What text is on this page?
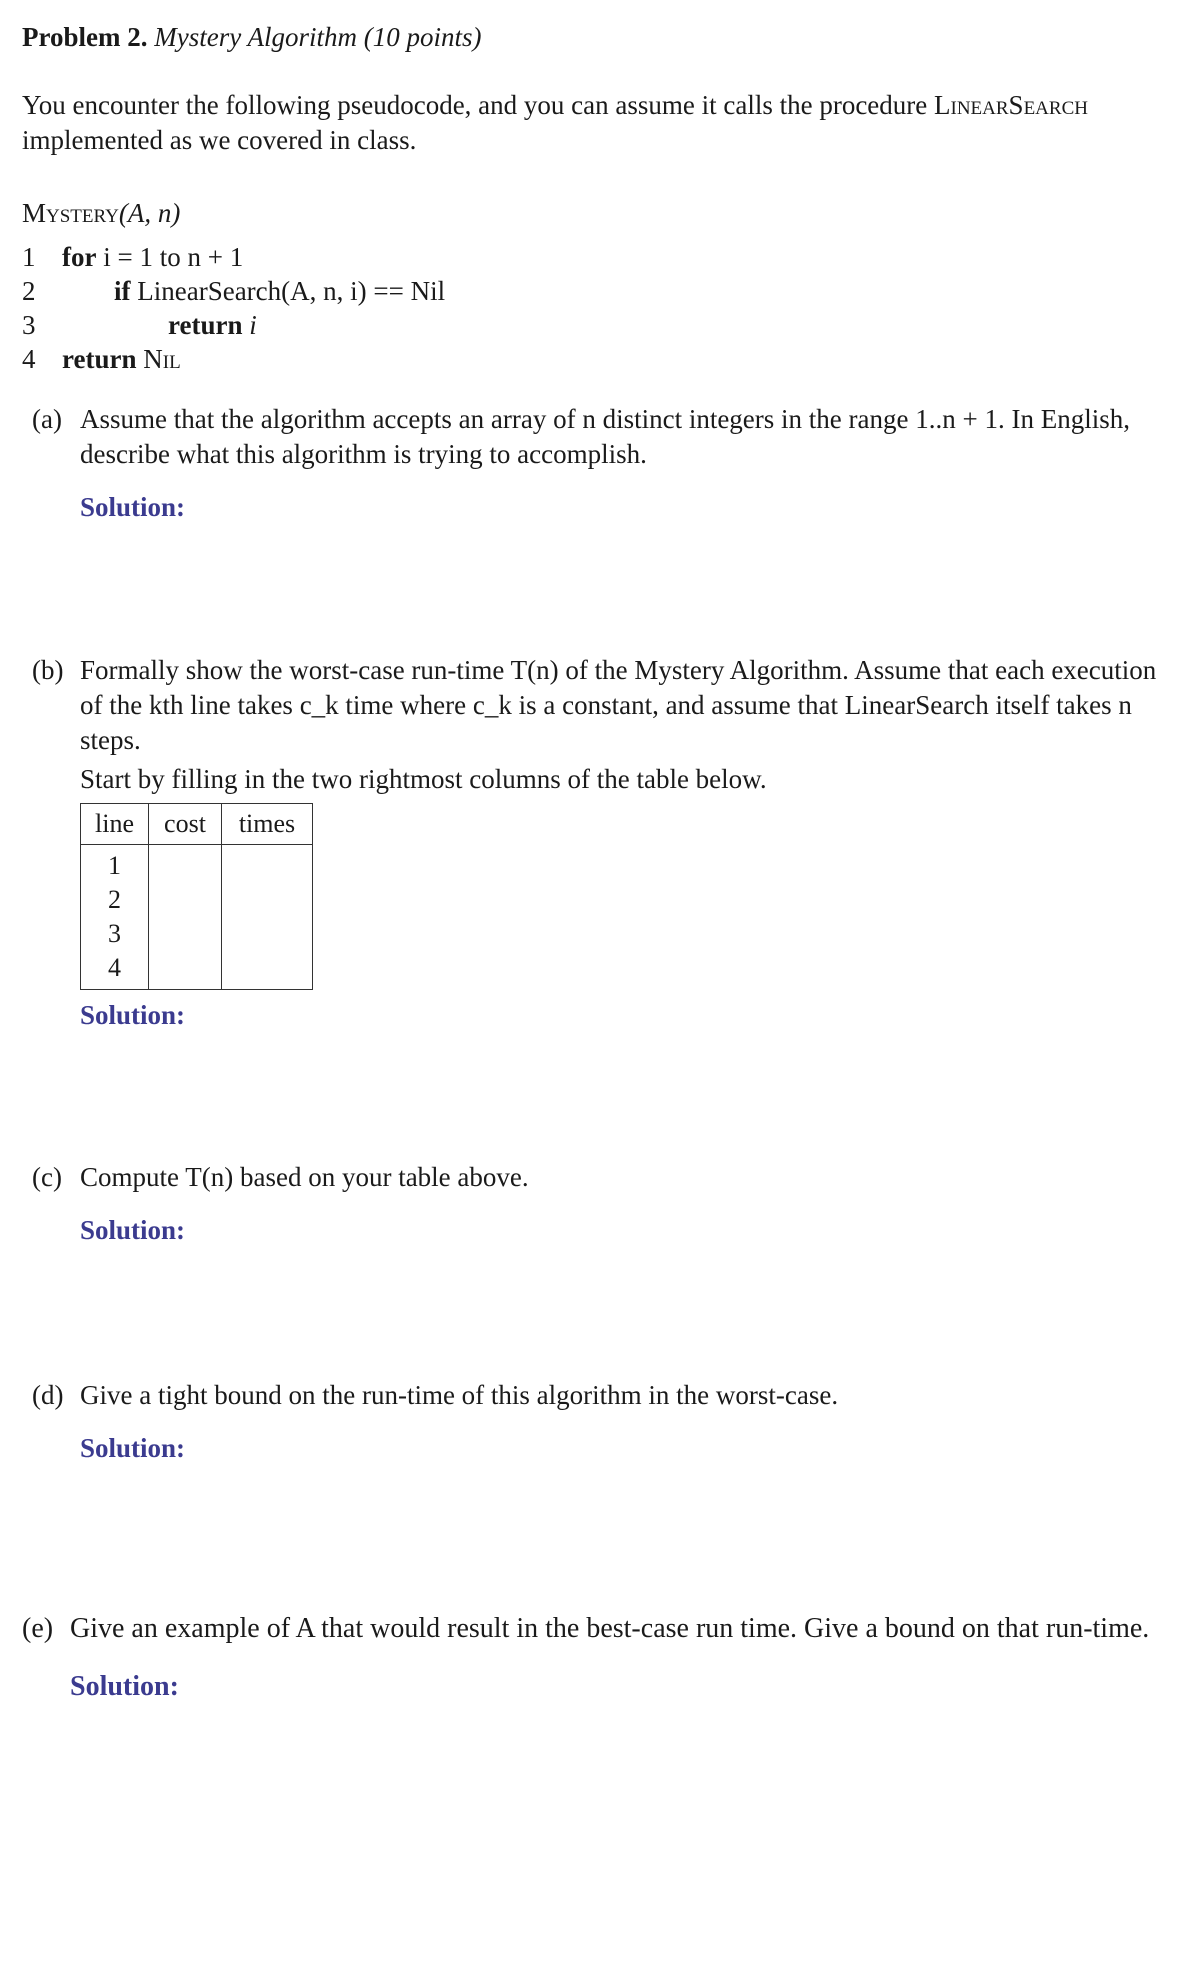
Problem 2. Mystery Algorithm (10 points)
You encounter the following pseudocode, and you can assume it calls the procedure LinearSearch implemented as we covered in class.
Mystery(A, n)
1 for i = 1 to n + 1
2	if LinearSearch(A, n, i) == Nil
3	return i
4 return Nil
(a) Assume that the algorithm accepts an array of n distinct integers in the range 1..n + 1. In English, describe what this algorithm is trying to accomplish.
Solution:
(b) Formally show the worst-case run-time T(n) of the Mystery Algorithm. Assume that each execution of the kth line takes c_k time where c_k is a constant, and assume that LinearSearch itself takes n steps.
Start by filling in the two rightmost columns of the table below.
line	cost	times

1
2
3
4		

Solution:
(c) Compute T(n) based on your table above.
Solution:
(d) Give a tight bound on the run-time of this algorithm in the worst-case.
Solution:
(e) Give an example of A that would result in the best-case run time. Give a bound on that run-time.
Solution:
